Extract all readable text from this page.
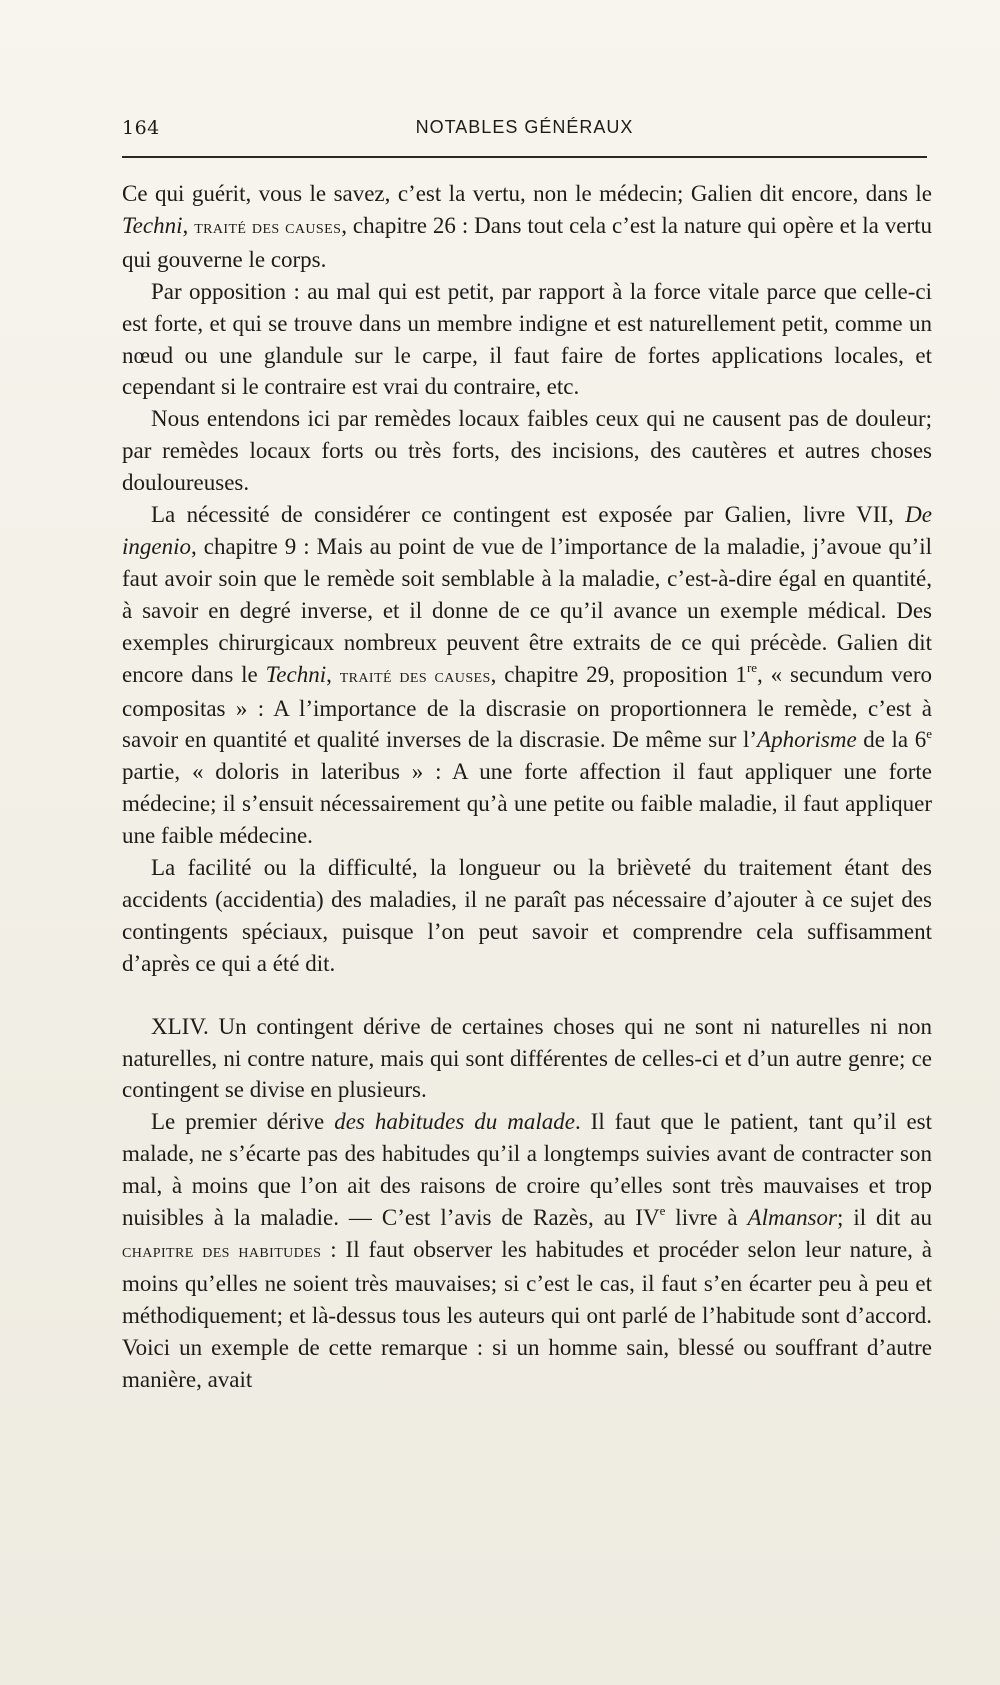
164	NOTABLES GÉNÉRAUX

Ce qui guérit, vous le savez, c’est la vertu, non le médecin; Galien dit encore, dans le Techni, traité des causes, chapitre 26 : Dans tout cela c’est la nature qui opère et la vertu qui gouverne le corps.

Par opposition : au mal qui est petit, par rapport à la force vitale parce que celle-ci est forte, et qui se trouve dans un membre indigne et est naturellement petit, comme un nœud ou une glandule sur le carpe, il faut faire de fortes applications locales, et cependant si le contraire est vrai du contraire, etc.

Nous entendons ici par remèdes locaux faibles ceux qui ne causent pas de douleur; par remèdes locaux forts ou très forts, des incisions, des cautères et autres choses douloureuses.

La nécessité de considérer ce contingent est exposée par Galien, livre VII, De ingenio, chapitre 9 : Mais au point de vue de l’importance de la maladie, j’avoue qu’il faut avoir soin que le remède soit semblable à la maladie, c’est-à-dire égal en quantité, à savoir en degré inverse, et il donne de ce qu’il avance un exemple médical. Des exemples chirurgicaux nombreux peuvent être extraits de ce qui précède. Galien dit encore dans le Techni, traité des causes, chapitre 29, proposition 1re, « secundum vero compositas » : A l’importance de la discrasie on proportionnera le remède, c’est à savoir en quantité et qualité inverses de la discrasie. De même sur l’Aphorisme de la 6e partie, « doloris in lateribus » : A une forte affection il faut appliquer une forte médecine; il s’ensuit nécessairement qu’à une petite ou faible maladie, il faut appliquer une faible médecine.

La facilité ou la difficulté, la longueur ou la brièveté du traitement étant des accidents (accidentia) des maladies, il ne paraît pas nécessaire d’ajouter à ce sujet des contingents spéciaux, puisque l’on peut savoir et comprendre cela suffisamment d’après ce qui a été dit.

XLIV. Un contingent dérive de certaines choses qui ne sont ni naturelles ni non naturelles, ni contre nature, mais qui sont différentes de celles-ci et d’un autre genre; ce contingent se divise en plusieurs.

Le premier dérive des habitudes du malade. Il faut que le patient, tant qu’il est malade, ne s’écarte pas des habitudes qu’il a longtemps suivies avant de contracter son mal, à moins que l’on ait des raisons de croire qu’elles sont très mauvaises et trop nuisibles à la maladie. — C’est l’avis de Razès, au IVe livre à Almansor; il dit au chapitre des habitudes : Il faut observer les habitudes et procéder selon leur nature, à moins qu’elles ne soient très mauvaises; si c’est le cas, il faut s’en écarter peu à peu et méthodiquement; et là-dessus tous les auteurs qui ont parlé de l’habitude sont d’accord. Voici un exemple de cette remarque : si un homme sain, blessé ou souffrant d’autre manière, avait
